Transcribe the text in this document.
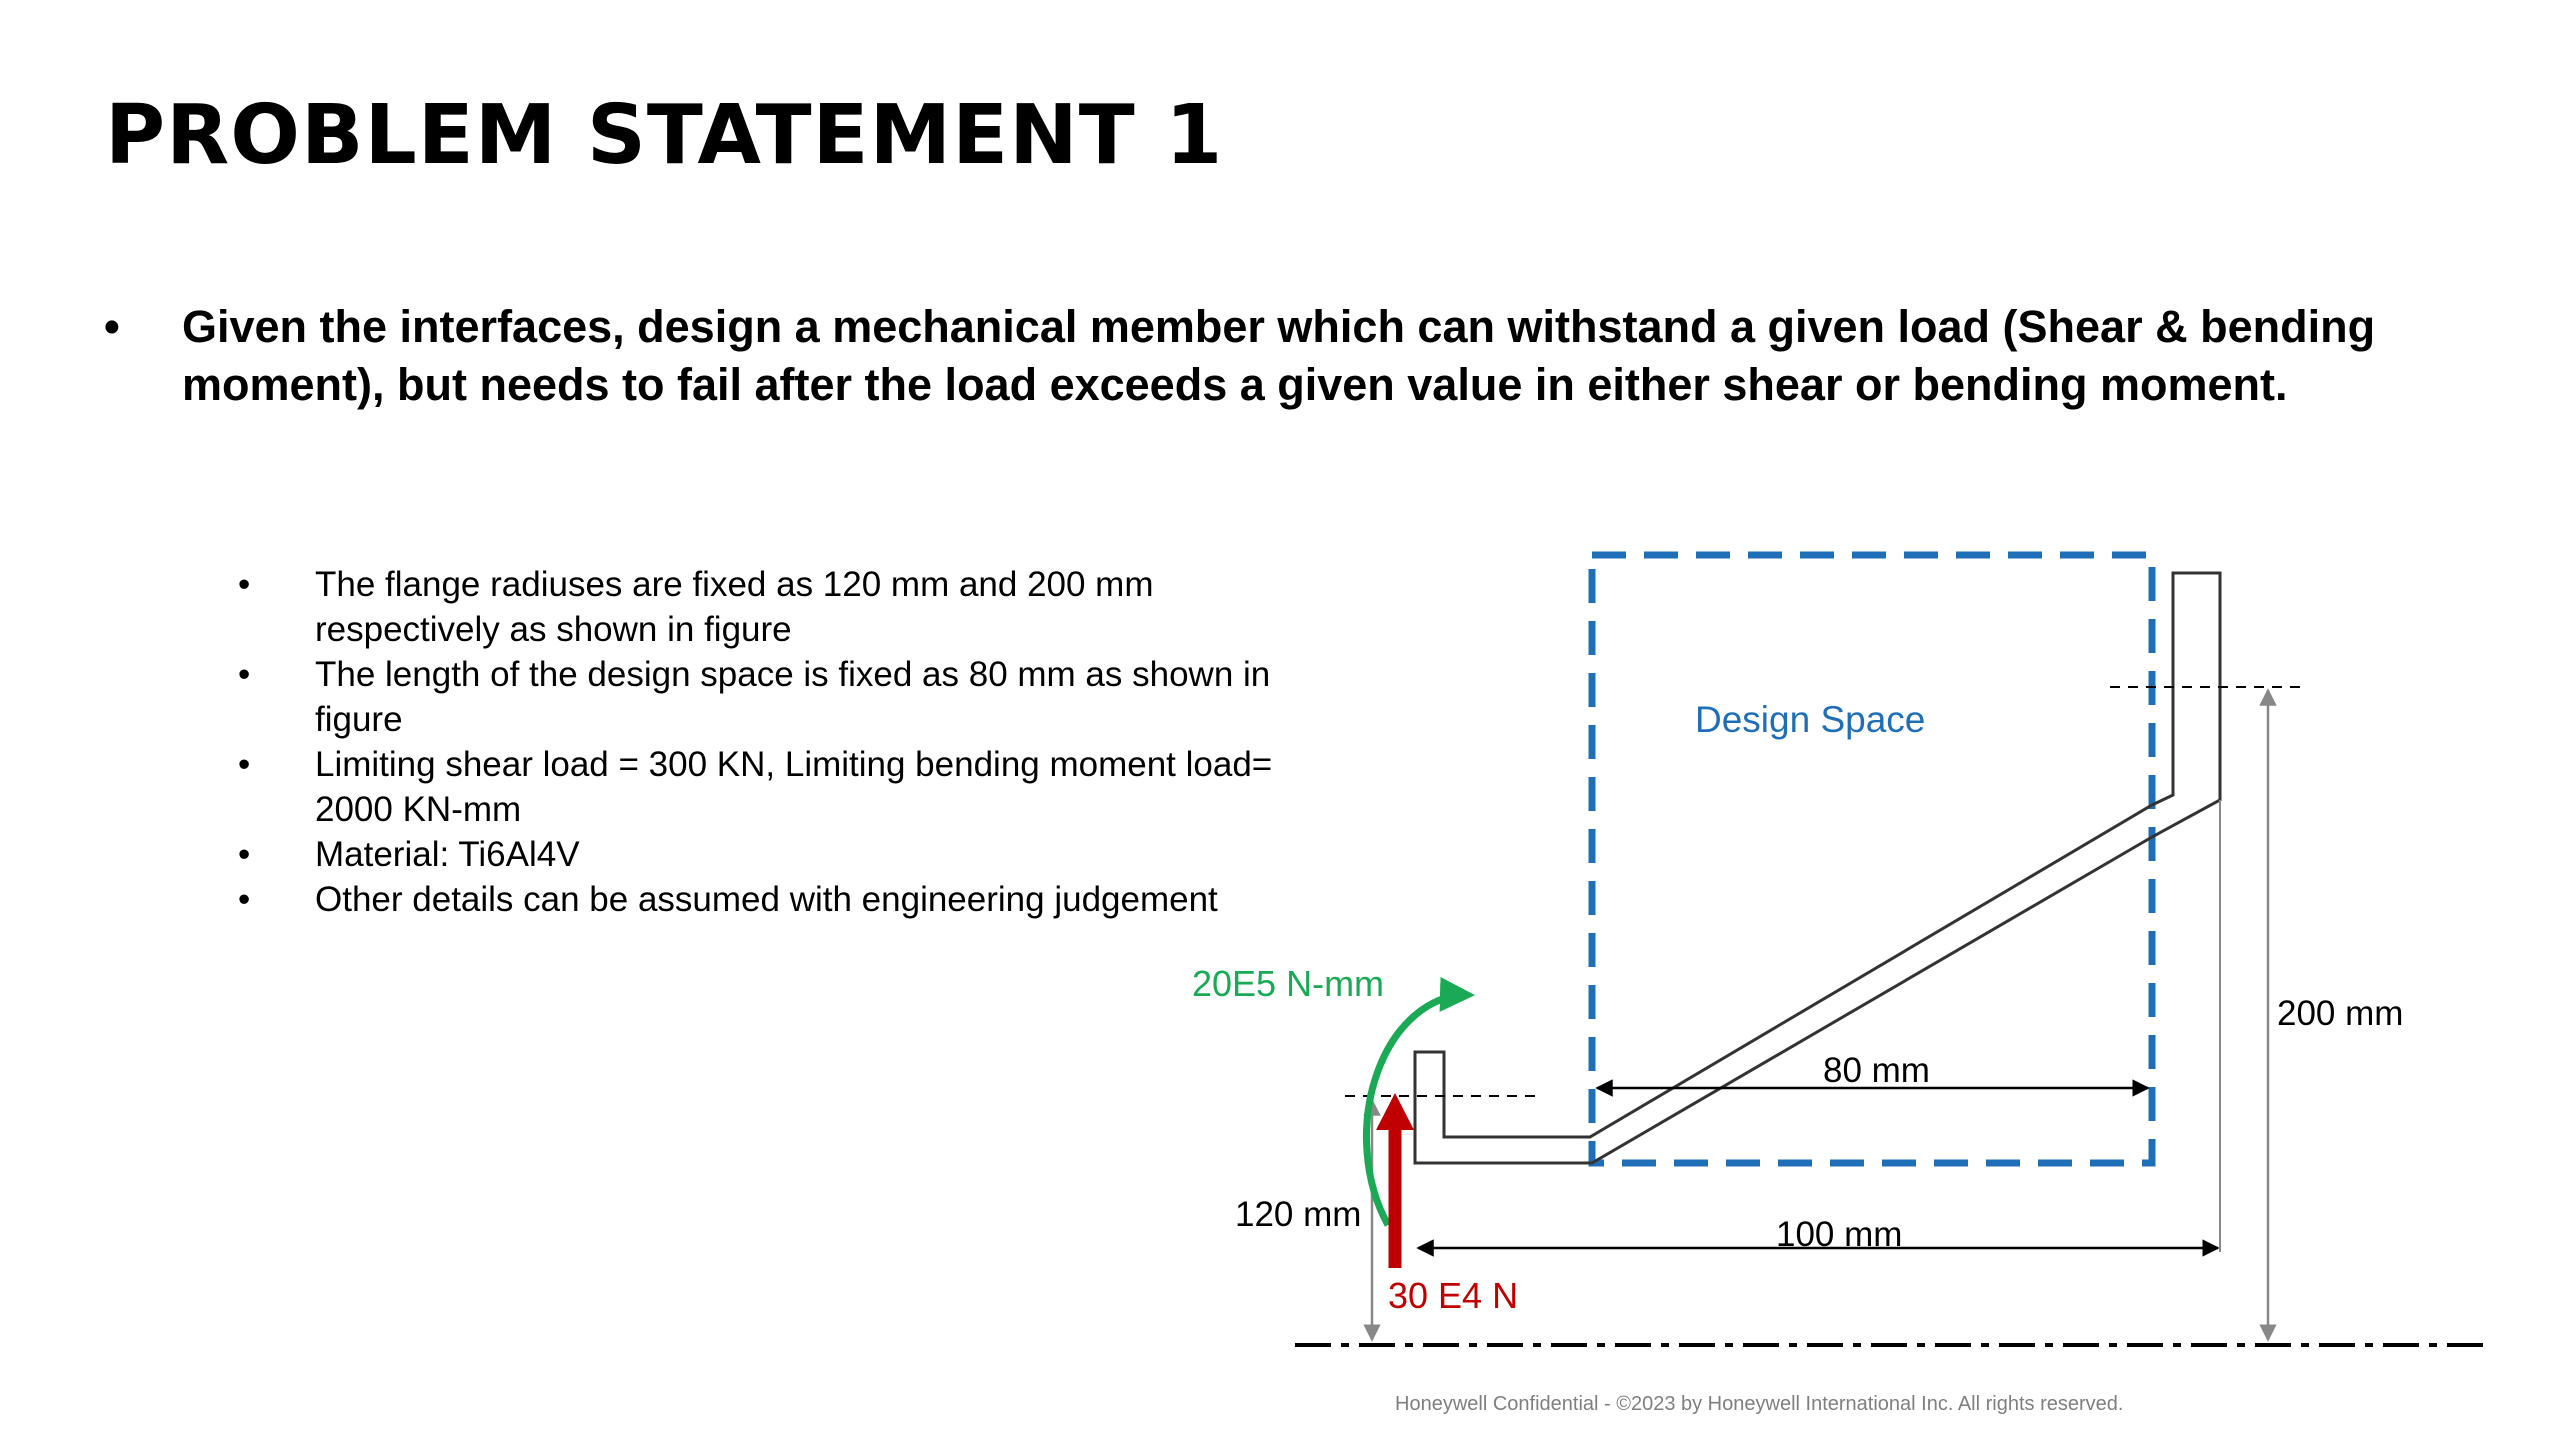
PROBLEM STATEMENT 1
•	Given the interfaces, design a mechanical member which can withstand a given load (Shear & bending moment), but needs to fail after the load exceeds a given value in either shear or bending moment.
•	The flange radiuses are fixed as 120 mm and 200 mm respectively as shown in figure
•	The length of the design space is fixed as 80 mm as shown in figure
•	Limiting shear load = 300 KN, Limiting bending moment load= 2000 KN-mm
•	Material: Ti6Al4V
•	Other details can be assumed with engineering judgement
Design Space
80 mm
100 mm
120 mm
200 mm
20E5 N-mm
30 E4 N
Honeywell Confidential - ©2023 by Honeywell International Inc. All rights reserved.
